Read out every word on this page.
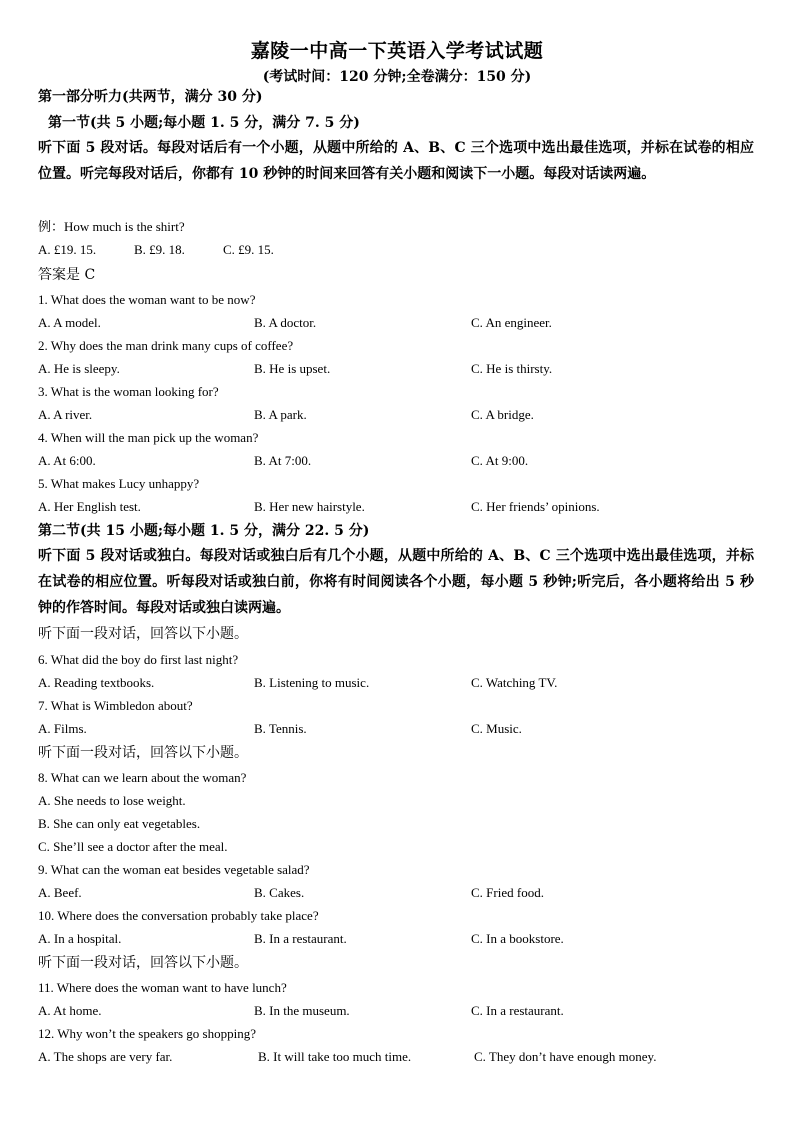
嘉陵一中高一下英语入学考试试题
(考试时间：120 分钟;全卷满分：150 分)
第一部分听力(共两节，满分 30 分)
第一节(共 5 小题;每小题 1. 5 分，满分 7. 5 分)
听下面 5 段对话。每段对话后有一个小题，从题中所给的 A、B、C 三个选项中选出最佳选项，并标在试卷的相应位置。听完每段对话后，你都有 10 秒钟的时间来回答有关小题和阅读下一小题。每段对话读两遍。
例：How much is the shirt?
A. £19. 15.	B. £9. 18.	C. £9. 15.
答案是 C
1. What does the woman want to be now?
A. A model.	B. A doctor.	C. An engineer.
2. Why does the man drink many cups of coffee?
A. He is sleepy.	B. He is upset.	C. He is thirsty.
3. What is the woman looking for?
A. A river.	B. A park.	C. A bridge.
4. When will the man pick up the woman?
A. At 6:00.	B. At 7:00.	C. At 9:00.
5. What makes Lucy unhappy?
A. Her English test.	B. Her new hairstyle.	C. Her friends’ opinions.
第二节(共 15 小题;每小题 1. 5 分，满分 22. 5 分)
听下面 5 段对话或独白。每段对话或独白后有几个小题，从题中所给的 A、B、C 三个选项中选出最佳选项，并标在试卷的相应位置。听每段对话或独白前，你将有时间阅读各个小题，每小题 5 秒钟;听完后，各小题将给出 5 秒钟的作答时间。每段对话或独白读两遍。
听下面一段对话，回答以下小题。
6. What did the boy do first last night?
A. Reading textbooks.	B. Listening to music.	C. Watching TV.
7. What is Wimbledon about?
A. Films.	B. Tennis.	C. Music.
听下面一段对话，回答以下小题。
8. What can we learn about the woman?
A. She needs to lose weight.
B. She can only eat vegetables.
C. She’ll see a doctor after the meal.
9. What can the woman eat besides vegetable salad?
A. Beef.	B. Cakes.	C. Fried food.
10. Where does the conversation probably take place?
A. In a hospital.	B. In a restaurant.	C. In a bookstore.
听下面一段对话，回答以下小题。
11. Where does the woman want to have lunch?
A. At home.	B. In the museum.	C. In a restaurant.
12. Why won’t the speakers go shopping?
A. The shops are very far.	B. It will take too much time.	C. They don’t have enough money.
